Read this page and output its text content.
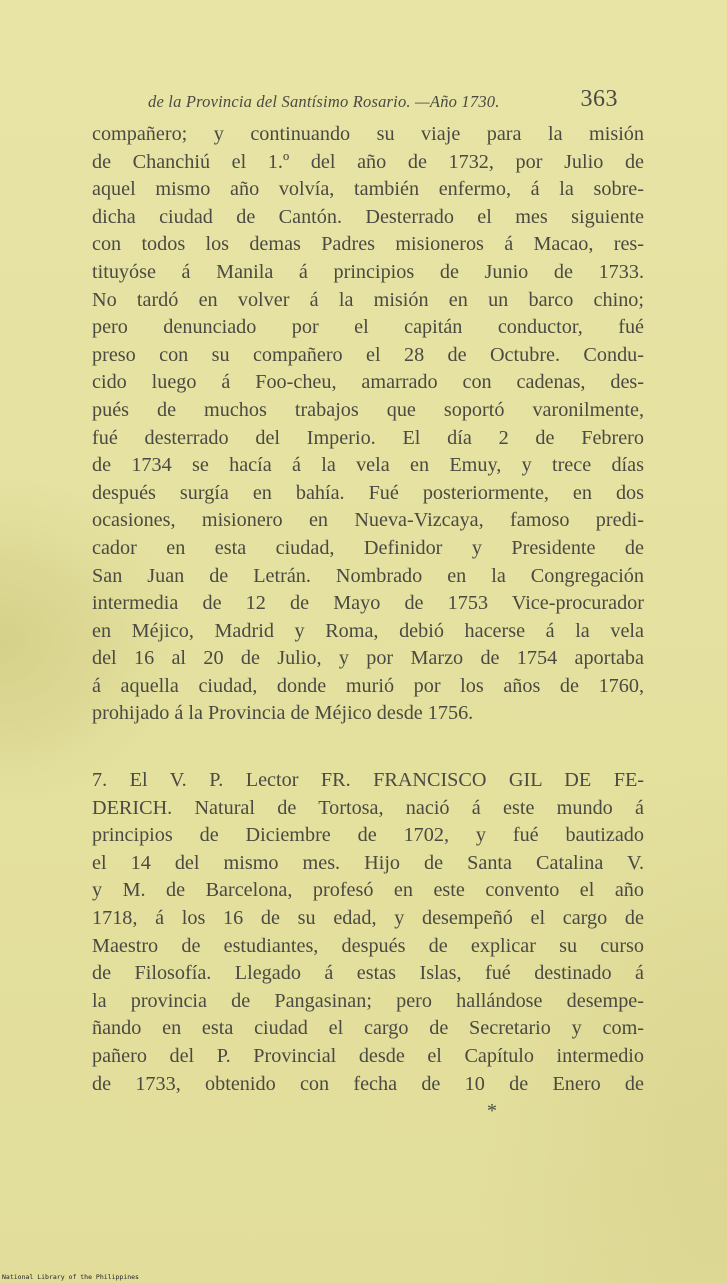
de la Provincia del Santísimo Rosario. —Año 1730.	363
compañero; y continuando su viaje para la misión
de Chanchiú el 1.º del año de 1732, por Julio de
aquel mismo año volvía, también enfermo, á la sobre-
dicha ciudad de Cantón. Desterrado el mes siguiente
con todos los demas Padres misioneros á Macao, res-
tituyóse á Manila á principios de Junio de 1733.
No tardó en volver á la misión en un barco chino;
pero denunciado por el capitán conductor, fué
preso con su compañero el 28 de Octubre. Condu-
cido luego á Foo-cheu, amarrado con cadenas, des-
pués de muchos trabajos que soportó varonilmente,
fué desterrado del Imperio. El día 2 de Febrero
de 1734 se hacía á la vela en Emuy, y trece días
después surgía en bahía. Fué posteriormente, en dos
ocasiones, misionero en Nueva-Vizcaya, famoso predi-
cador en esta ciudad, Definidor y Presidente de
San Juan de Letrán. Nombrado en la Congregación
intermedia de 12 de Mayo de 1753 Vice-procurador
en Méjico, Madrid y Roma, debió hacerse á la vela
del 16 al 20 de Julio, y por Marzo de 1754 aportaba
á aquella ciudad, donde murió por los años de 1760,
prohijado á la Provincia de Méjico desde 1756.
7. El V. P. Lector FR. FRANCISCO GIL DE FE-
DERICH. Natural de Tortosa, nació á este mundo á
principios de Diciembre de 1702, y fué bautizado
el 14 del mismo mes. Hijo de Santa Catalina V.
y M. de Barcelona, profesó en este convento el año
1718, á los 16 de su edad, y desempeñó el cargo de
Maestro de estudiantes, después de explicar su curso
de Filosofía. Llegado á estas Islas, fué destinado á
la provincia de Pangasinan; pero hallándose desempe-
ñando en esta ciudad el cargo de Secretario y com-
pañero del P. Provincial desde el Capítulo intermedio
de 1733, obtenido con fecha de 10 de Enero de
*
National Library of the Philippines
